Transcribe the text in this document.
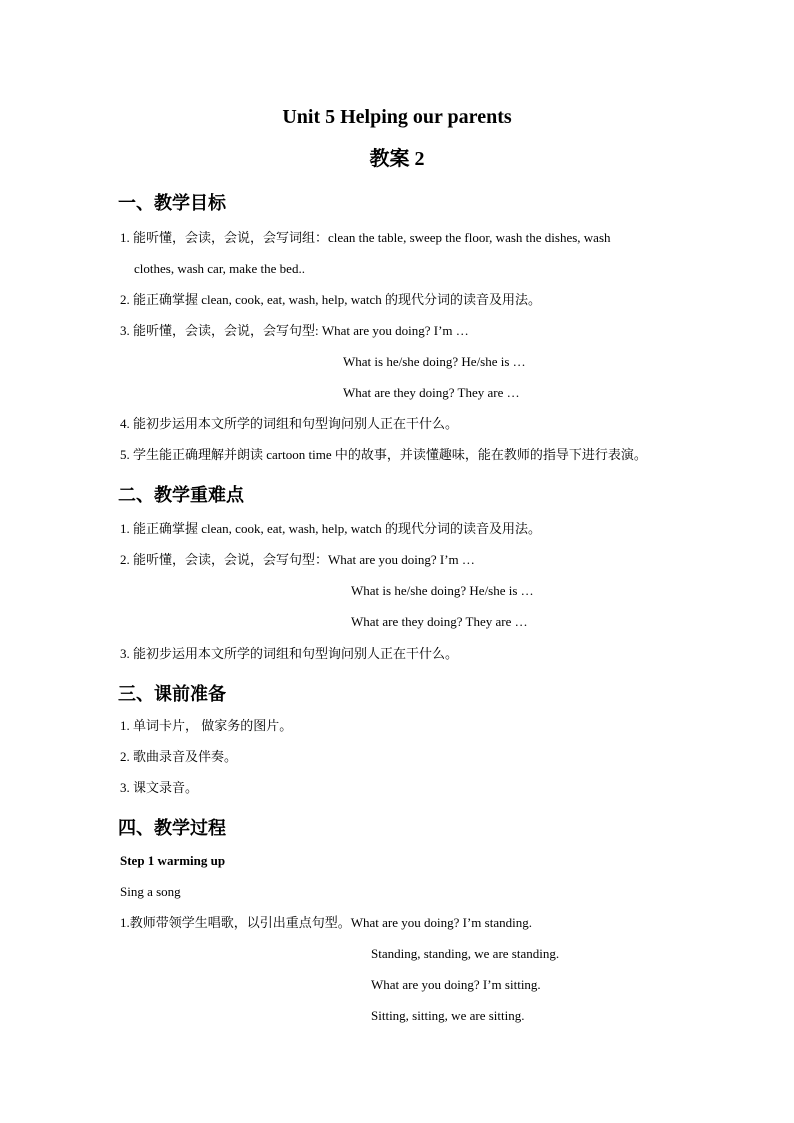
Unit 5 Helping our parents
教案 2
一、教学目标
1. 能听懂，会读，会说，会写词组：clean the table, sweep the floor, wash the dishes, wash
clothes, wash car, make the bed..
2. 能正确掌握 clean, cook, eat, wash, help, watch 的现代分词的读音及用法。
3. 能听懂，会读，会说，会写句型: What are you doing? I’m …
What is he/she doing? He/she is …
What are they doing? They are …
4. 能初步运用本文所学的词组和句型询问别人正在干什么。
5. 学生能正确理解并朗读 cartoon time 中的故事，并读懂趣味，能在教师的指导下进行表演。
二、教学重难点
1. 能正确掌握 clean, cook, eat, wash, help, watch 的现代分词的读音及用法。
2. 能听懂，会读，会说，会写句型：What are you doing? I’m …
What is he/she doing? He/she is …
What are they doing? They are …
3. 能初步运用本文所学的词组和句型询问别人正在干什么。
三、课前准备
1. 单词卡片， 做家务的图片。
2. 歌曲录音及伴奏。
3. 课文录音。
四、教学过程
Step 1 warming up
Sing a song
1.教师带领学生唱歌，以引出重点句型。What are you doing? I’m standing.
Standing, standing, we are standing.
What are you doing? I’m sitting.
Sitting, sitting, we are sitting.
